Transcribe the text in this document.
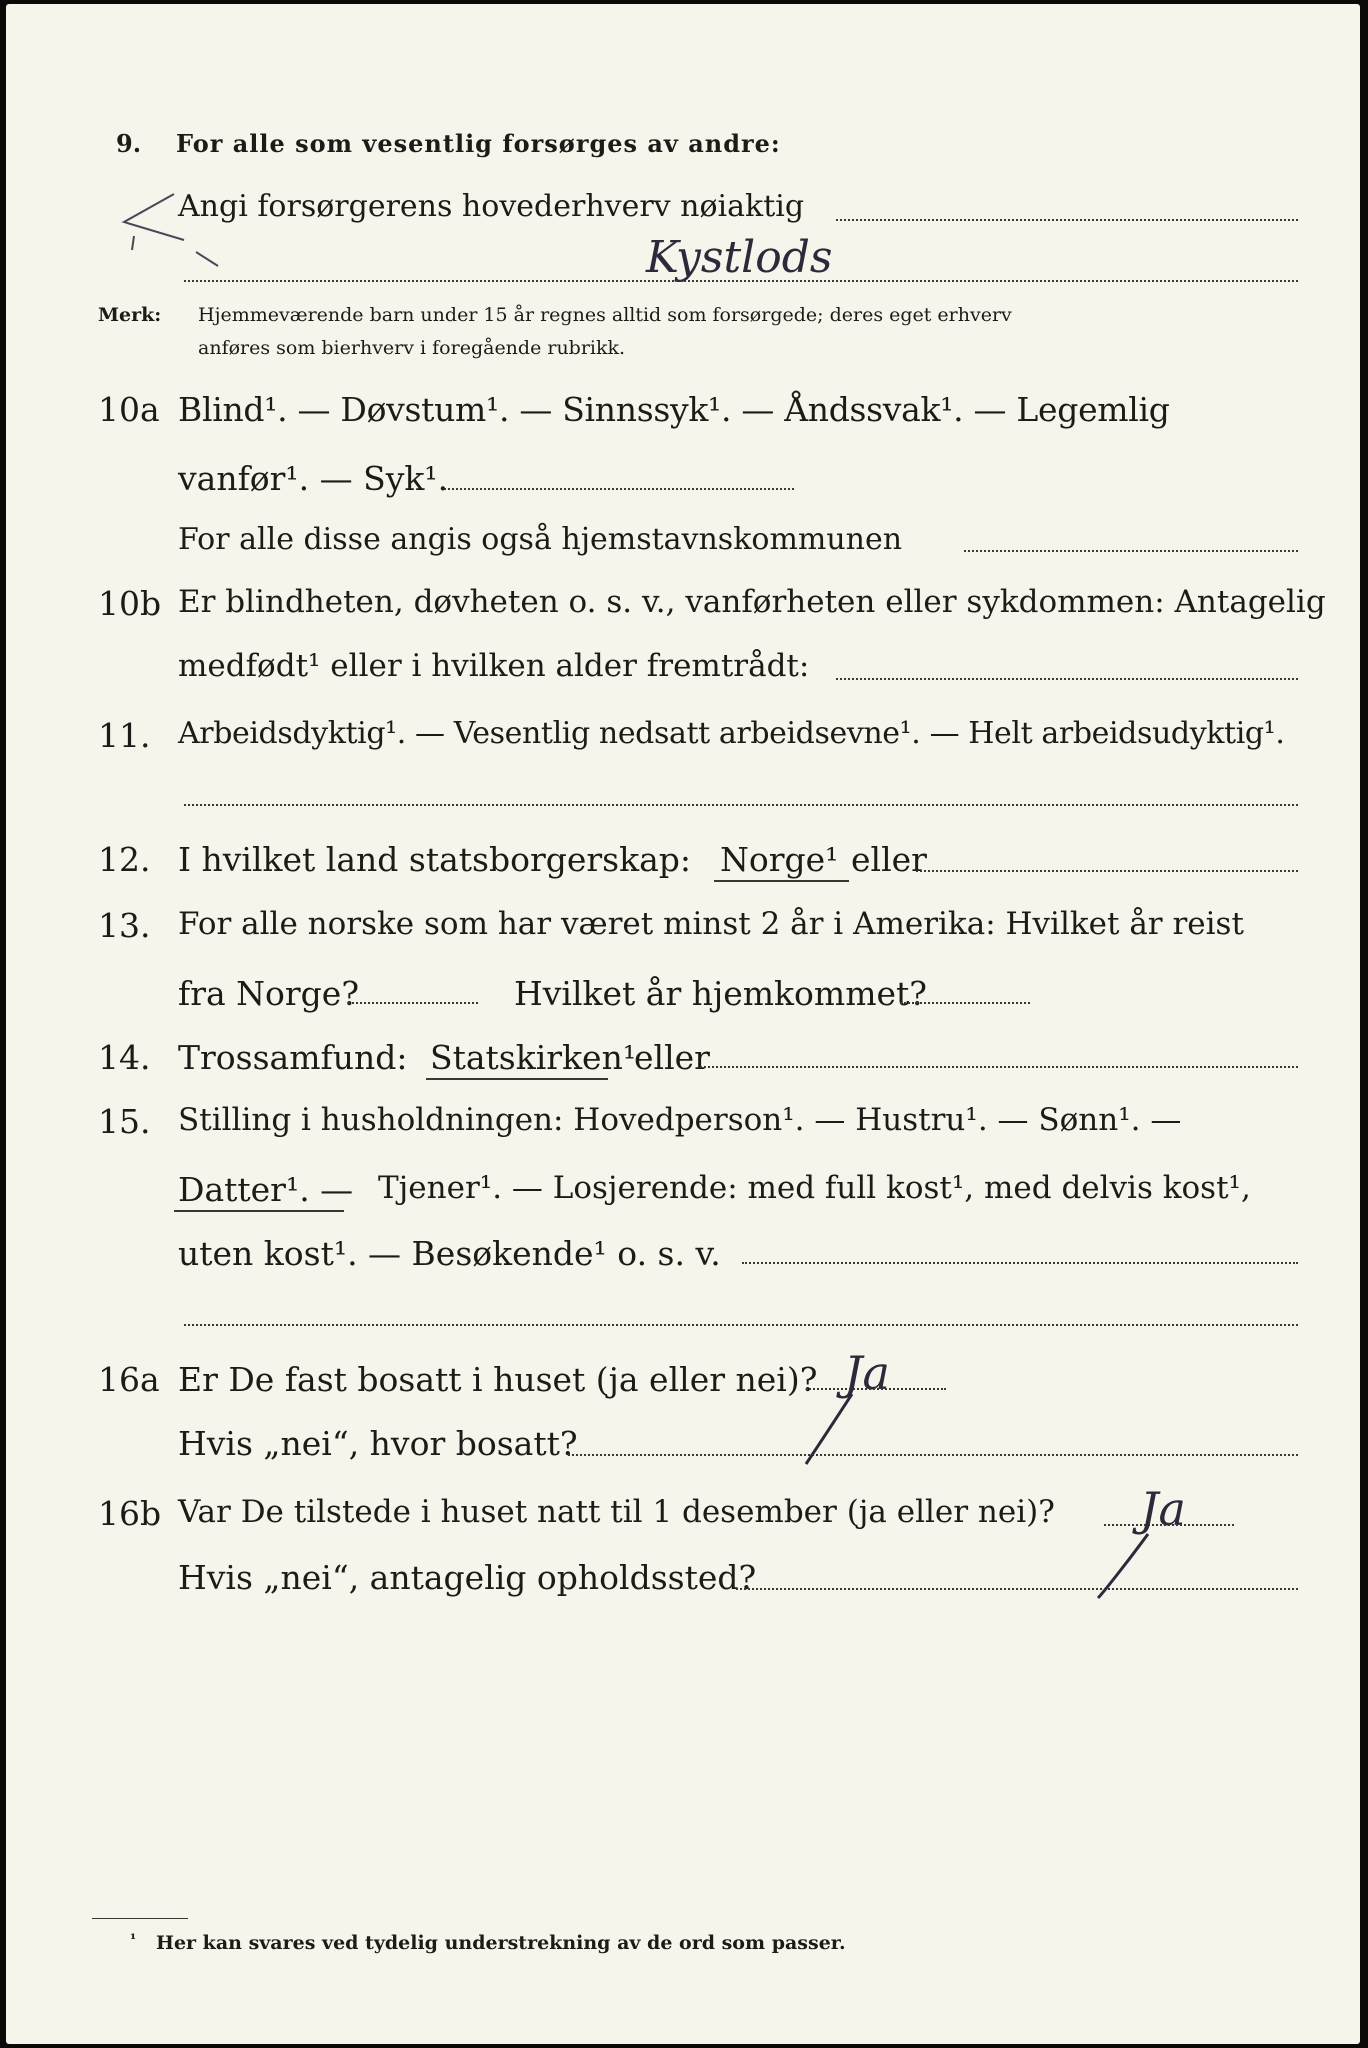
9. For alle som vesentlig forsørges av andre:
Angi forsørgerens hovederhverv nøiaktig
Kystlods
Merk: Hjemmeværende barn under 15 år regnes alltid som forsørgede; deres eget erhverv
anføres som bierhverv i foregående rubrikk.
10a Blind¹. — Døvstum¹. — Sinnssyk¹. — Åndssvak¹. — Legemlig
vanfør¹. — Syk¹.
For alle disse angis også hjemstavnskommunen
10b Er blindheten, døvheten o. s. v., vanførheten eller sykdommen: Antagelig
medfødt¹ eller i hvilken alder fremtrådt:
11. Arbeidsdyktig¹. — Vesentlig nedsatt arbeidsevne¹. — Helt arbeidsudyktig¹.
12. I hvilket land statsborgerskap: Norge¹ eller
13. For alle norske som har været minst 2 år i Amerika: Hvilket år reist
fra Norge?	Hvilket år hjemkommet?
14. Trossamfund: Statskirken¹
eller
15. Stilling i husholdningen: Hovedperson¹. — Hustru¹. — Sønn¹. —
Datter¹. — Tjener¹. — Losjerende: med full kost¹, med delvis kost¹,
uten kost¹. — Besøkende¹ o. s. v.
16a Er De fast bosatt i huset (ja eller nei)? Ja
Hvis „nei“, hvor bosatt?
16b Var De tilstede i huset natt til 1 desember (ja eller nei)? Ja
Hvis „nei“, antagelig opholdssted?
¹ Her kan svares ved tydelig understrekning av de ord som passer.
